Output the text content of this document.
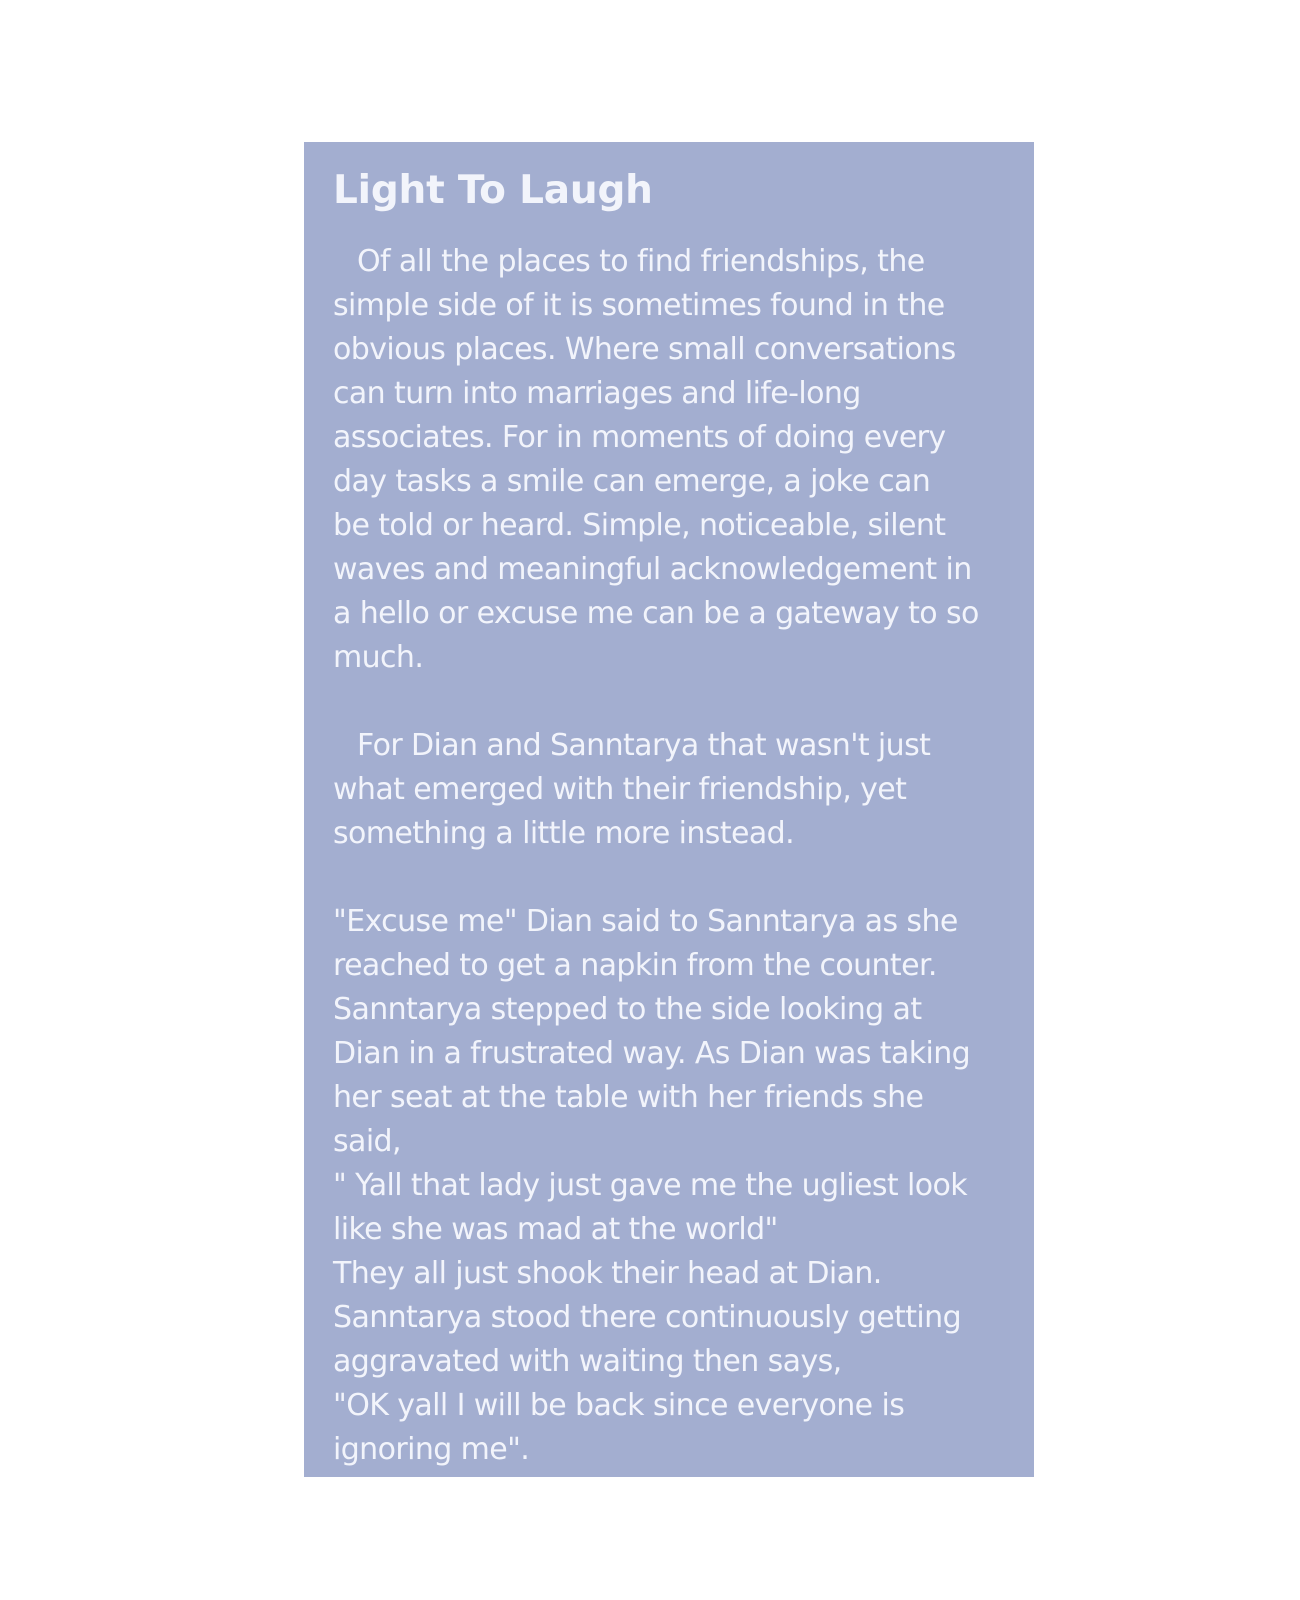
Light To Laugh
Of all the places to find friendships, the
simple side of it is sometimes found in the
obvious places. Where small conversations
can turn into marriages and life-long
associates. For in moments of doing every
day tasks a smile can emerge, a joke can
be told or heard. Simple, noticeable, silent
waves and meaningful acknowledgement in
a hello or excuse me can be a gateway to so
much.
For Dian and Sanntarya that wasn't just
what emerged with their friendship, yet
something a little more instead.
"Excuse me" Dian said to Sanntarya as she
reached to get a napkin from the counter.
Sanntarya stepped to the side looking at
Dian in a frustrated way. As Dian was taking
her seat at the table with her friends she
said,
" Yall that lady just gave me the ugliest look
like she was mad at the world"
They all just shook their head at Dian.
Sanntarya stood there continuously getting
aggravated with waiting then says,
"OK yall I will be back since everyone is
ignoring me".
